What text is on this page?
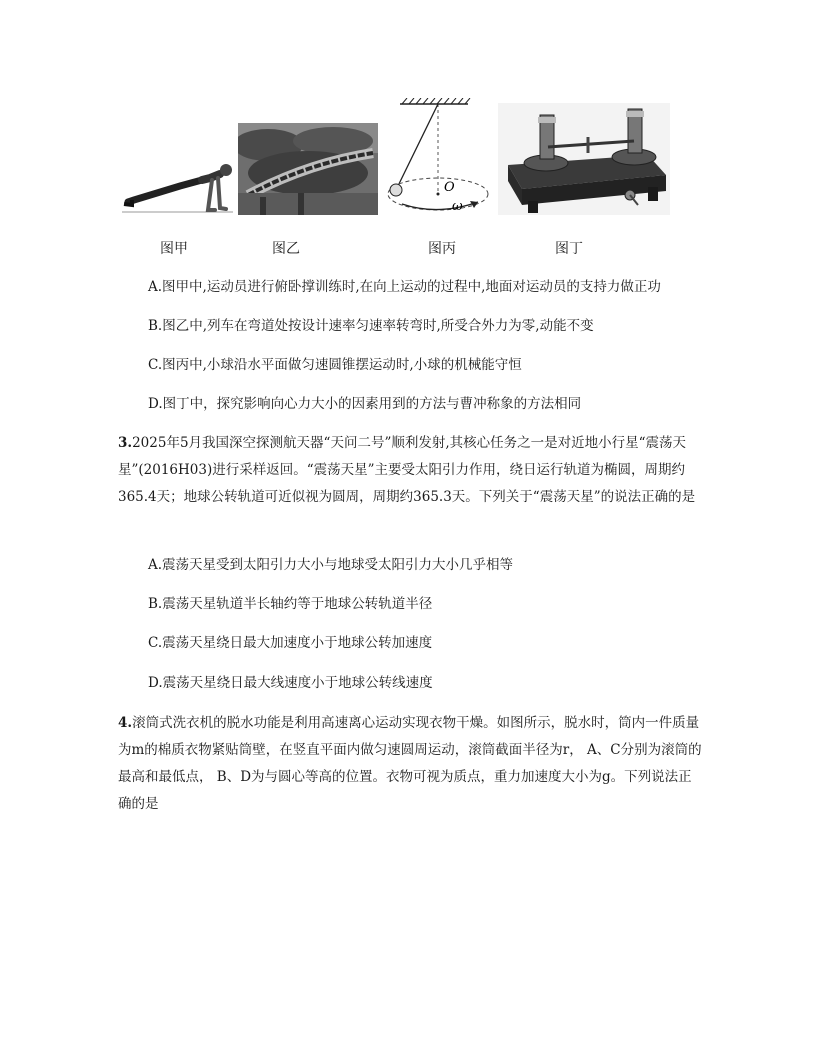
O
ω
图甲	图乙	图丙	图丁
A.图甲中,运动员进行俯卧撑训练时,在向上运动的过程中,地面对运动员的支持力做正功
B.图乙中,列车在弯道处按设计速率匀速率转弯时,所受合外力为零,动能不变
C.图丙中,小球沿水平面做匀速圆锥摆运动时,小球的机械能守恒
D.图丁中，探究影响向心力大小的因素用到的方法与曹冲称象的方法相同

3.2025年5月我国深空探测航天器“天问二号”顺利发射,其核心任务之一是对近地小行星“震荡天星”(2016H03)进行采样返回。“震荡天星”主要受太阳引力作用，绕日运行轨道为椭圆，周期约365.4天；地球公转轨道可近似视为圆周，周期约365.3天。下列关于“震荡天星”的说法正确的是

A.震荡天星受到太阳引力大小与地球受太阳引力大小几乎相等
B.震荡天星轨道半长轴约等于地球公转轨道半径
C.震荡天星绕日最大加速度小于地球公转加速度
D.震荡天星绕日最大线速度小于地球公转线速度

4.滚筒式洗衣机的脱水功能是利用高速离心运动实现衣物干燥。如图所示，脱水时，筒内一件质量为m的棉质衣物紧贴筒壁，在竖直平面内做匀速圆周运动，滚筒截面半径为r， A、C分别为滚筒的最高和最低点， B、D为与圆心等高的位置。衣物可视为质点，重力加速度大小为g。下列说法正确的是
